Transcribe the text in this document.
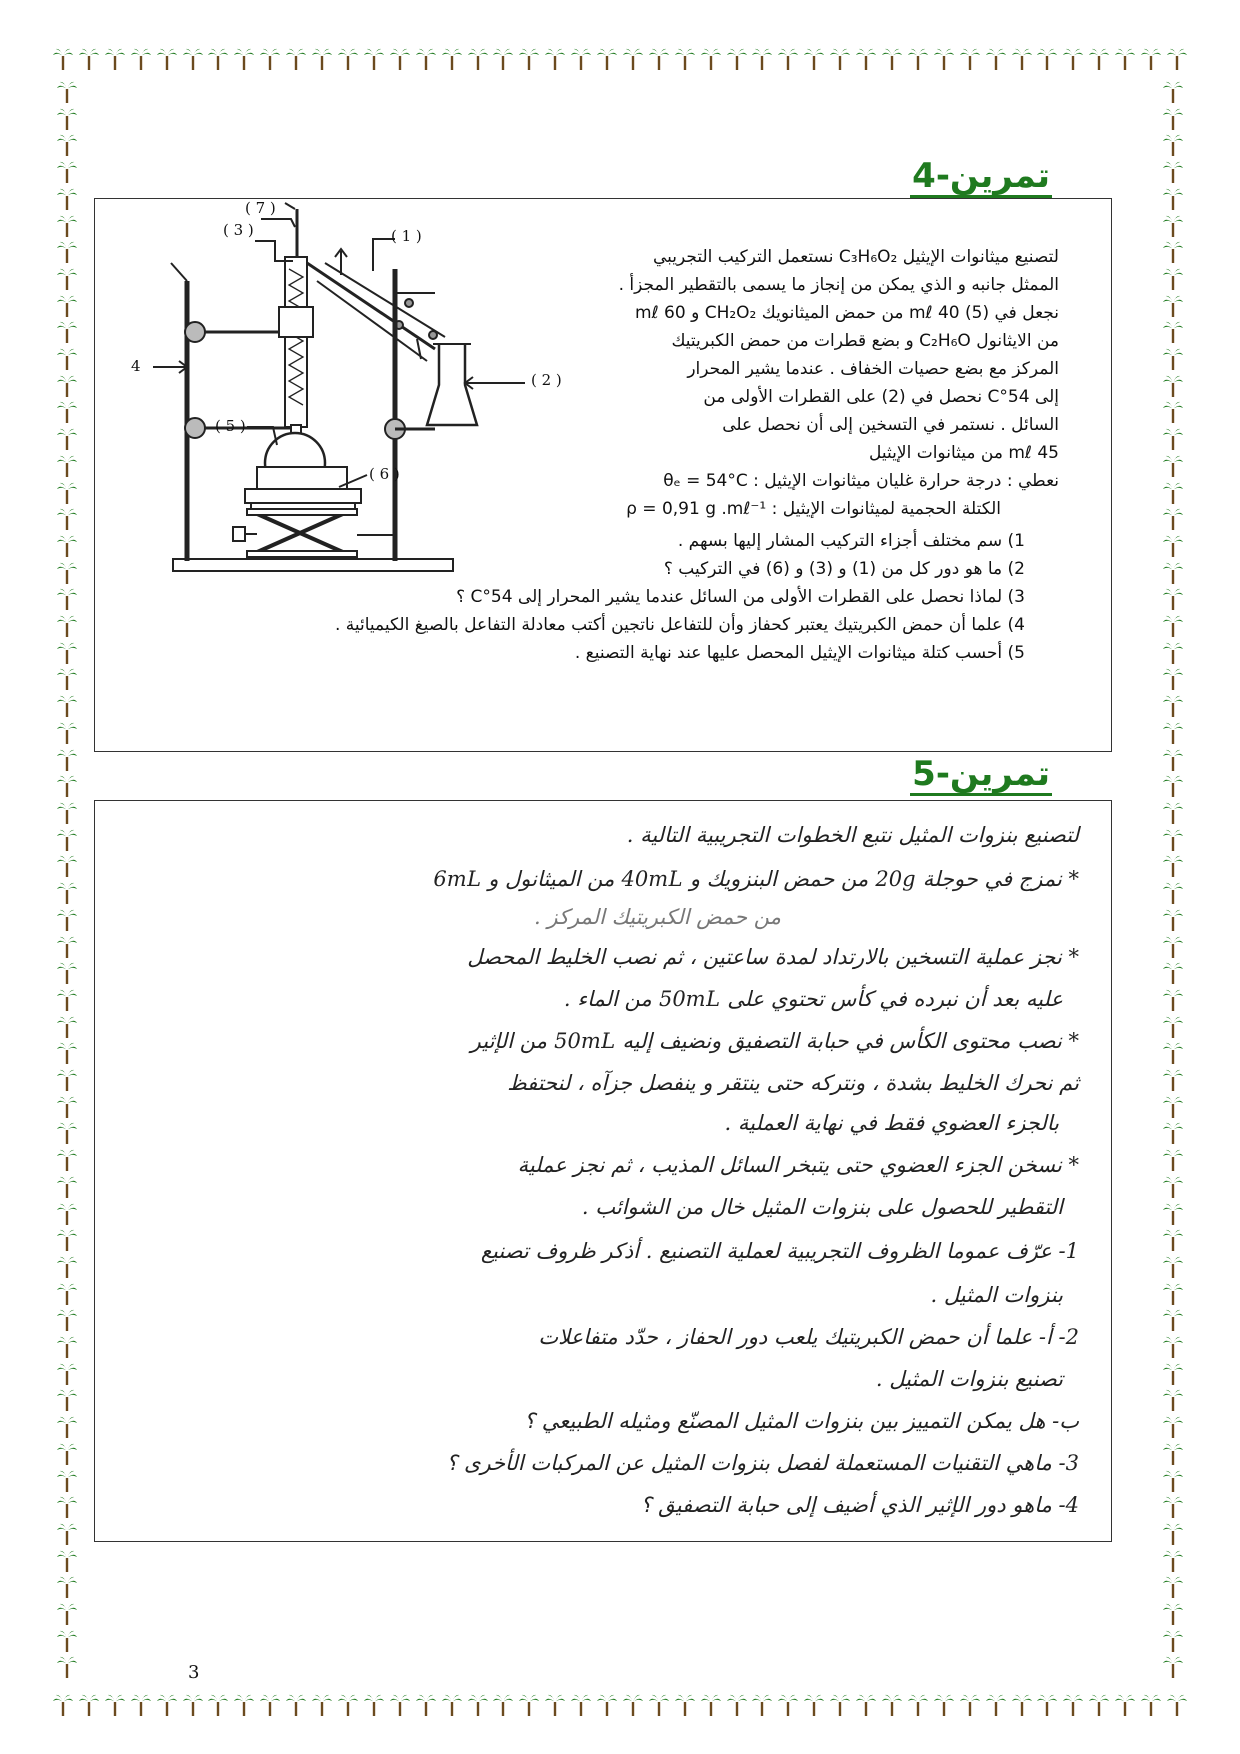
تمرين-4
( 7 )
( 3 )	( 1 )
4
( 2 )
( 5 )
( 6 )
لتصنيع ميثانوات الإيثيل C₃H₆O₂ نستعمل التركيب التجريبي
الممثل جانبه و الذي يمكن من إنجاز ما يسمى بالتقطير المجزأ .
نجعل في (5) 40 mℓ من حمض الميثانويك CH₂O₂ و 60 mℓ
من الايثانول C₂H₆O و بضع قطرات من حمض الكبريتيك
المركز مع بضع حصيات الخفاف . عندما يشير المحرار
إلى 54°C نحصل في (2) على القطرات الأولى من
السائل . نستمر في التسخين إلى أن نحصل على
45 mℓ من ميثانوات الإيثيل
نعطي : درجة حرارة غليان ميثانوات الإيثيل : θₑ = 54°C
الكتلة الحجمية لميثانوات الإيثيل : ρ = 0,91 g .mℓ⁻¹
1) سم مختلف أجزاء التركيب المشار إليها بسهم .
2) ما هو دور كل من (1) و (3) و (6) في التركيب ؟
3) لماذا نحصل على القطرات الأولى من السائل عندما يشير المحرار إلى 54°C ؟
4) علما أن حمض الكبريتيك يعتبر كحفاز وأن للتفاعل ناتجين أكتب معادلة التفاعل بالصيغ الكيميائية .
5) أحسب كتلة ميثانوات الإيثيل المحصل عليها عند نهاية التصنيع .
تمرين-5
لتصنيع بنزوات المثيل نتبع الخطوات التجريبية التالية .
* نمزج في حوجلة 20g من حمض البنزويك و 40mL من الميثانول و 6mL
من حمض الكبريتيك المركز .
* نجز عملية التسخين بالارتداد لمدة ساعتين ، ثم نصب الخليط المحصل
عليه بعد أن نبرده في كأس تحتوي على 50mL من الماء .
* نصب محتوى الكأس في حبابة التصفيق ونضيف إليه 50mL من الإثير
ثم نحرك الخليط بشدة ، ونتركه حتى ينتقر و ينفصل جزآه ، لنحتفظ
بالجزء العضوي فقط في نهاية العملية .
* نسخن الجزء العضوي حتى يتبخر السائل المذيب ، ثم نجز عملية
التقطير للحصول على بنزوات المثيل خال من الشوائب .
1- عرّف عموما الظروف التجريبية لعملية التصنيع . أذكر ظروف تصنيع
بنزوات المثيل .
2- أ- علما أن حمض الكبريتيك يلعب دور الحفاز ، حدّد متفاعلات
تصنيع بنزوات المثيل .
ب- هل يمكن التمييز بين بنزوات المثيل المصنّع ومثيله الطبيعي ؟
3- ماهي التقنيات المستعملة لفصل بنزوات المثيل عن المركبات الأخرى ؟
4- ماهو دور الإثير الذي أضيف إلى حبابة التصفيق ؟
3
